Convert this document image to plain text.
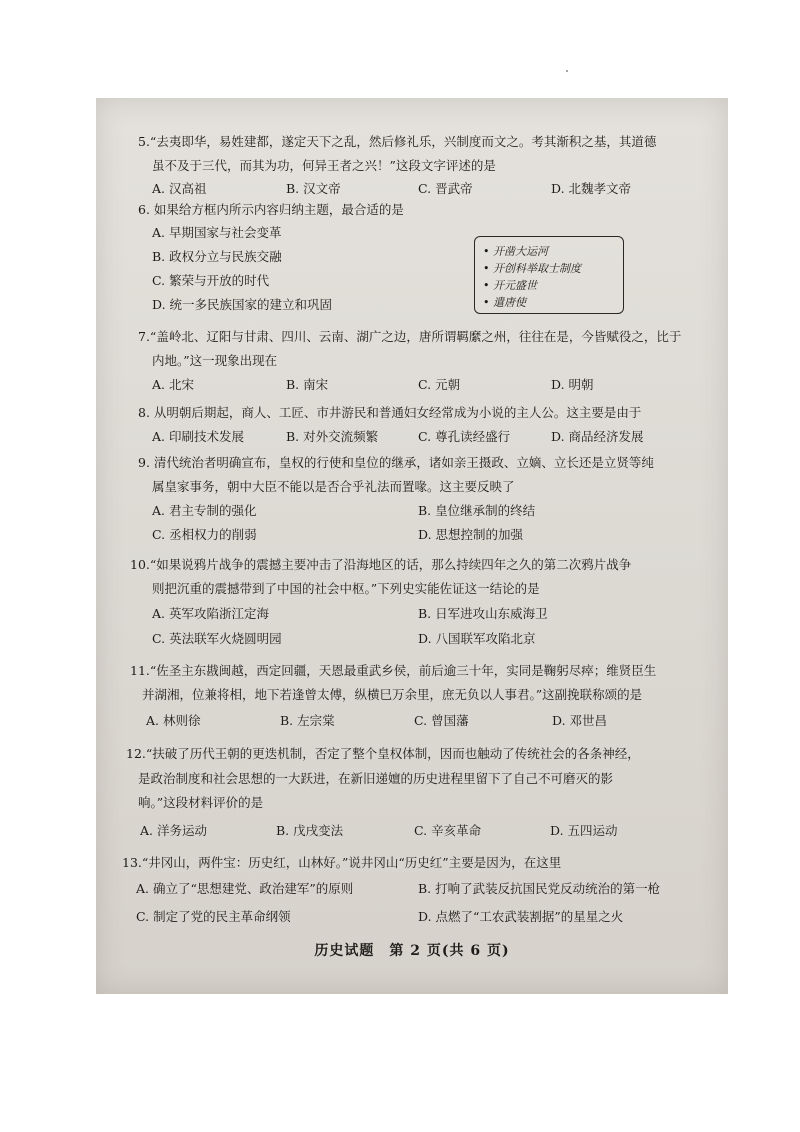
5.“去夷即华，易姓建都，遂定天下之乱，然后修礼乐，兴制度而文之。考其渐积之基，其道德
虽不及于三代，而其为功，何异王者之兴！”这段文字评述的是
A. 汉高祖	B. 汉文帝	C. 晋武帝	D. 北魏孝文帝
6. 如果给方框内所示内容归纳主题，最合适的是
A. 早期国家与社会变革
B. 政权分立与民族交融
C. 繁荣与开放的时代
D. 统一多民族国家的建立和巩固
• 开凿大运河
• 开创科举取士制度
• 开元盛世
• 遣唐使
7.“盖岭北、辽阳与甘肃、四川、云南、湖广之边，唐所谓羁縻之州，往往在是，今皆赋役之，比于
内地。”这一现象出现在
A. 北宋	B. 南宋	C. 元朝	D. 明朝
8. 从明朝后期起，商人、工匠、市井游民和普通妇女经常成为小说的主人公。这主要是由于
A. 印刷技术发展	B. 对外交流频繁	C. 尊孔读经盛行	D. 商品经济发展
9. 清代统治者明确宣布，皇权的行使和皇位的继承，诸如亲王摄政、立嫡、立长还是立贤等纯
属皇家事务，朝中大臣不能以是否合乎礼法而置喙。这主要反映了
A. 君主专制的强化	B. 皇位继承制的终结
C. 丞相权力的削弱	D. 思想控制的加强
10.“如果说鸦片战争的震撼主要冲击了沿海地区的话，那么持续四年之久的第二次鸦片战争
则把沉重的震撼带到了中国的社会中枢。”下列史实能佐证这一结论的是
A. 英军攻陷浙江定海	B. 日军进攻山东威海卫
C. 英法联军火烧圆明园	D. 八国联军攻陷北京
11.“佐圣主东戡闽越，西定回疆，天恩最重武乡侯，前后逾三十年，实同是鞠躬尽瘁；维贤臣生
并湖湘，位兼将相，地下若逢曾太傅，纵横巳万余里，庶无负以人事君。”这副挽联称颂的是
A. 林则徐	B. 左宗棠	C. 曾国藩	D. 邓世昌
12.“扶破了历代王朝的更迭机制，否定了整个皇权体制，因而也触动了传统社会的各条神经，
是政治制度和社会思想的一大跃进，在新旧递嬗的历史进程里留下了自己不可磨灭的影
响。”这段材料评价的是
A. 洋务运动	B. 戊戌变法	C. 辛亥革命	D. 五四运动
13.“井冈山，两件宝：历史红，山林好。”说井冈山“历史红”主要是因为，在这里
A. 确立了“思想建党、政治建军”的原则	B. 打响了武装反抗国民党反动统治的第一枪
C. 制定了党的民主革命纲领	D. 点燃了“工农武装割据”的星星之火
历史试题　第 2 页(共 6 页)
